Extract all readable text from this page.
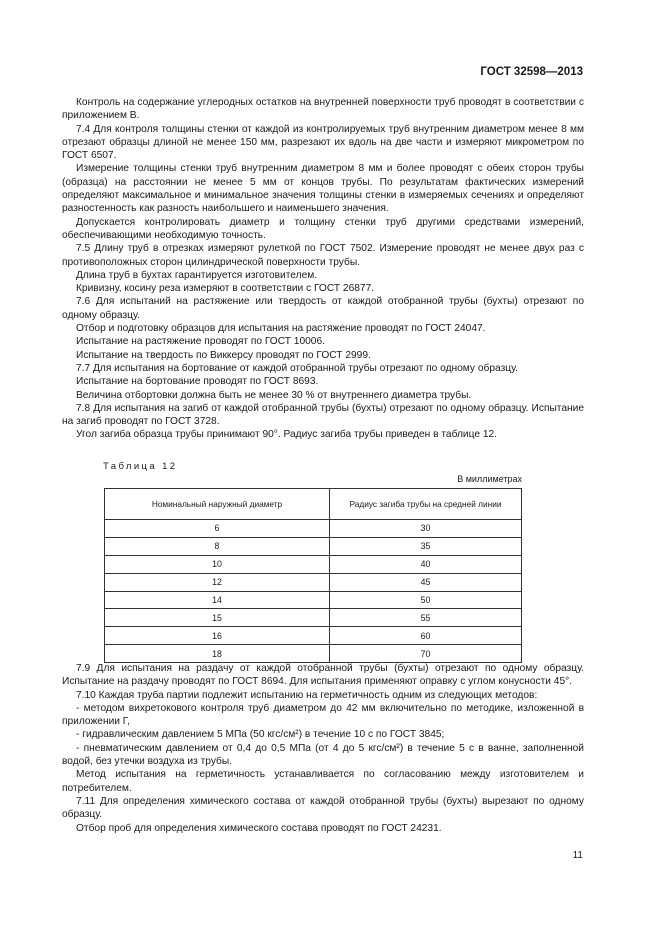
ГОСТ 32598—2013

Контроль на содержание углеродных остатков на внутренней поверхности труб проводят в соответствии с приложением В.

7.4 Для контроля толщины стенки от каждой из контролируемых труб внутренним диаметром менее 8 мм отрезают образцы длиной не менее 150 мм, разрезают их вдоль на две части и измеряют микрометром по ГОСТ 6507.

Измерение толщины стенки труб внутренним диаметром 8 мм и более проводят с обеих сторон трубы (образца) на расстоянии не менее 5 мм от концов трубы. По результатам фактических измерений определяют максимальное и минимальное значения толщины стенки в измеряемых сечениях и определяют разностенность как разность наибольшего и наименьшего значения.

Допускается контролировать диаметр и толщину стенки труб другими средствами измерений, обеспечивающими необходимую точность.

7.5 Длину труб в отрезках измеряют рулеткой по ГОСТ 7502. Измерение проводят не менее двух раз с противоположных сторон цилиндрической поверхности трубы.

Длина труб в бухтах гарантируется изготовителем.

Кривизну, косину реза измеряют в соответствии с ГОСТ 26877.

7.6 Для испытаний на растяжение или твердость от каждой отобранной трубы (бухты) отрезают по одному образцу.

Отбор и подготовку образцов для испытания на растяжение проводят по ГОСТ 24047.

Испытание на растяжение проводят по ГОСТ 10006.

Испытание на твердость по Виккерсу проводят по ГОСТ 2999.

7.7 Для испытания на бортование от каждой отобранной трубы отрезают по одному образцу.

Испытание на бортование проводят по ГОСТ 8693.

Величина отбортовки должна быть не менее 30 % от внутреннего диаметра трубы.

7.8 Для испытания на загиб от каждой отобранной трубы (бухты) отрезают по одному образцу. Испытание на загиб проводят по ГОСТ 3728.

Угол загиба образца трубы принимают 90°. Радиус загиба трубы приведен в таблице 12.

Таблица 12
В миллиметрах
Номинальный наружный диаметр	Радиус загиба трубы на средней линии
6	30
8	35
10	40
12	45
14	50
15	55
16	60
18	70

7.9 Для испытания на раздачу от каждой отобранной трубы (бухты) отрезают по одному образцу. Испытание на раздачу проводят по ГОСТ 8694. Для испытания применяют оправку с углом конусности 45°.

7.10 Каждая труба партии подлежит испытанию на герметичность одним из следующих методов:

- методом вихретокового контроля труб диаметром до 42 мм включительно по методике, изложенной в приложении Г,

- гидравлическим давлением 5 МПа (50 кгс/см²) в течение 10 с по ГОСТ 3845;

- пневматическим давлением от 0,4 до 0,5 МПа (от 4 до 5 кгс/см²) в течение 5 с в ванне, заполненной водой, без утечки воздуха из трубы.

Метод испытания на герметичность устанавливается по согласованию между изготовителем и потребителем.

7.11 Для определения химического состава от каждой отобранной трубы (бухты) вырезают по одному образцу.

Отбор проб для определения химического состава проводят по ГОСТ 24231.

11
